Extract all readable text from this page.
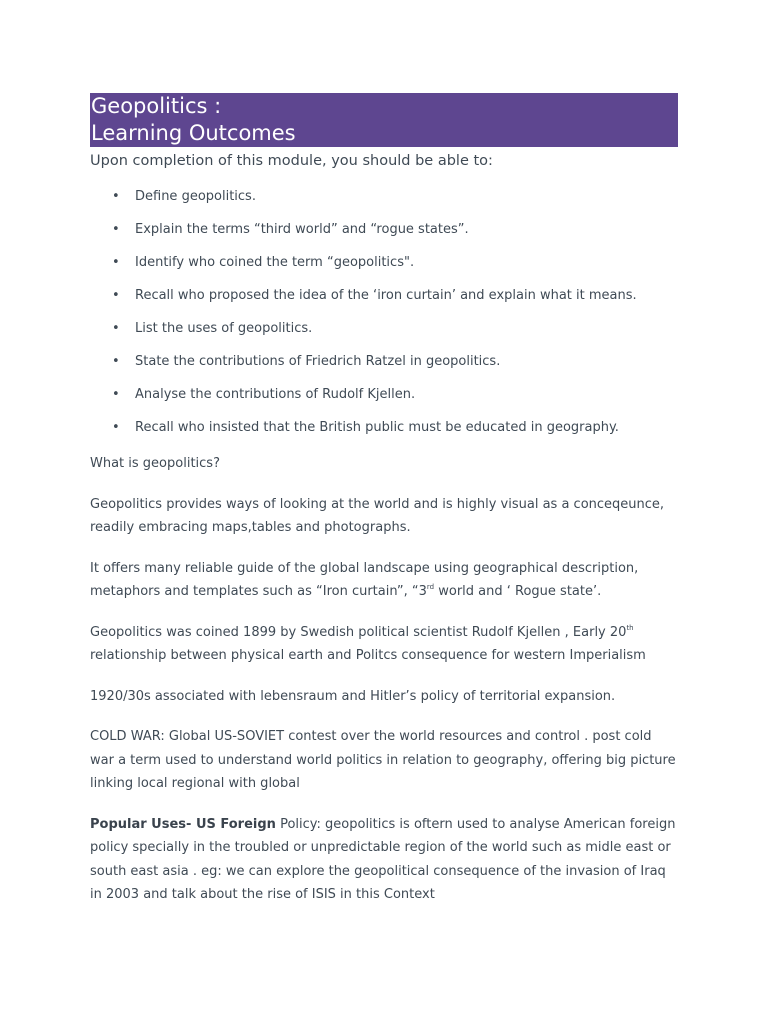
Geopolitics :
Learning Outcomes

Upon completion of this module, you should be able to:

• Define geopolitics.
• Explain the terms “third world” and “rogue states”.
• Identify who coined the term “geopolitics".
• Recall who proposed the idea of the ‘iron curtain’ and explain what it means.
• List the uses of geopolitics.
• State the contributions of Friedrich Ratzel in geopolitics.
• Analyse the contributions of Rudolf Kjellen.
• Recall who insisted that the British public must be educated in geography.

What is geopolitics?

Geopolitics provides ways of looking at the world and is highly visual as a conceqeunce, readily embracing maps,tables and photographs.

It offers many reliable guide of the global landscape using geographical description, metaphors and templates such as “Iron curtain”, “3rd world and ‘ Rogue state’.

Geopolitics was coined 1899 by Swedish political scientist Rudolf Kjellen , Early 20th relationship between physical earth and Politcs consequence for western Imperialism

1920/30s associated with lebensraum and Hitler’s policy of territorial expansion.

COLD WAR: Global US-SOVIET contest over the world resources and control . post cold war a term used to understand world politics in relation to geography, offering big picture linking local regional with global

Popular Uses- US Foreign Policy: geopolitics is oftern used to analyse American foreign policy specially in the troubled or unpredictable region of the world such as midle east or south east asia . eg: we can explore the geopolitical consequence of the invasion of Iraq in 2003 and talk about the rise of ISIS in this Context
